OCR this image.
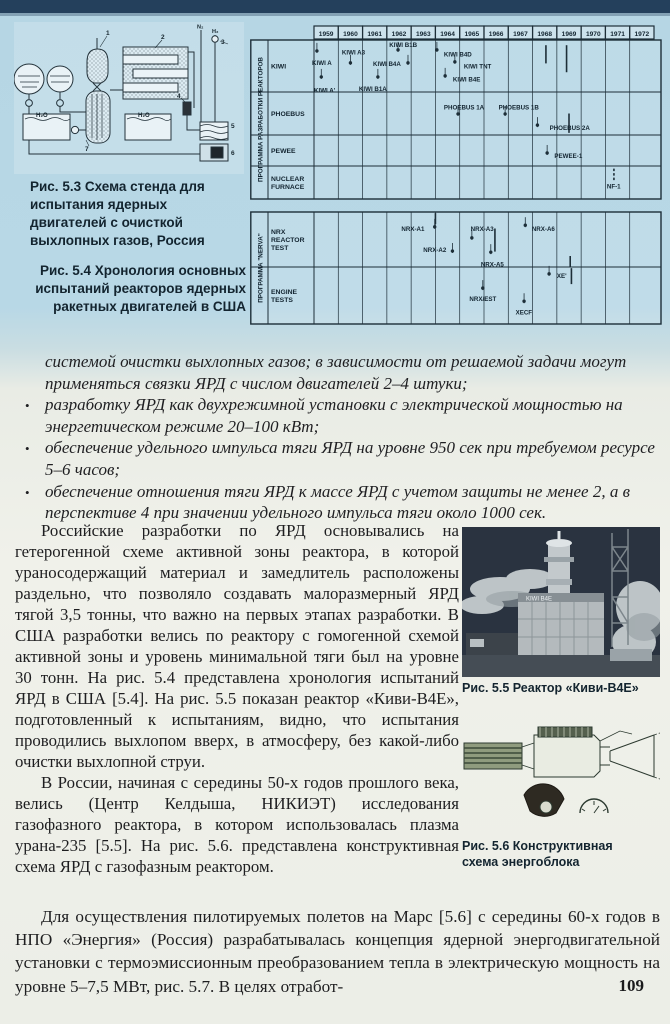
H₂O	H₂O
N₂
H₂
1
2
3
4
5
6
7
Рис. 5.3 Схема стенда для испытания ядерных двигателей с очисткой выхлопных газов, Россия
Рис. 5.4 Хронология основных испытаний реакторов ядерных ракетных двигателей в США
1959 1960 1961 1962 1963 1964 1965 1966 1967 1968 1969 1970 1971 1972
ПРОГРАММА РАЗРАБОТКИ РЕАКТОРОВ KIWI
KIWI A
KIWI A'
KIWI A3
KIWI B1A
KIWI B4A
KIWI B1B
KIWI B4D
KIWI TNT
KIWI B4E
PHOEBUS
PHOEBUS 1A PHOEBUS 1B
PHOEBUS 2A
PEWEE
PEWEE-1
NUCLEAR FURNACE	NF-1
ПРОГРАММА "NERVA"
NRX REACTOR TEST
NRX-A1
NRX-A2
NRX-A3
NRX-A5
NRX-A6
ENGINE TESTS
XE'
NRX/EST
XECF

системой очистки выхлопных газов; в зависимости от решаемой задачи могут применяться связки ЯРД с числом двигателей 2–4 штуки;

• разработку ЯРД как двухрежимной установки с электрической мощностью на энергетическом режиме 20–100 кВт;
• обеспечение удельного импульса тяги ЯРД на уровне 950 сек при требуемом ресурсе 5–6 часов;
• обеспечение отношения тяги ЯРД к массе ЯРД с учетом защиты не менее 2, а в перспективе 4 при значении удельного импульса тяги около 1000 сек.

Российские разработки по ЯРД основывались на гетерогенной схеме активной зоны реактора, в которой ураносодержащий материал и замедлитель расположены раздельно, что позволяло создавать малоразмерный ЯРД тягой 3,5 тонны, что важно на первых этапах разработки. В США разработки велись по реактору с гомогенной схемой активной зоны и уровень минимальной тяги был на уровне 30 тонн. На рис. 5.4 представлена хронология испытаний ЯРД в США [5.4]. На рис. 5.5 показан реактор «Киви-B4E», подготовленный к испытаниям, видно, что испытания проводились выхлопом вверх, в атмосферу, без какой-либо очистки выхлопной струи.

В России, начиная с середины 50-х годов прошлого века, велись (Центр Келдыша, НИКИЭТ) исследования газофазного реактора, в котором использовалась плазма урана-235 [5.5]. На рис. 5.6. представлена конструктивная схема ЯРД с газофазным реактором.

KIWI B4E
Рис. 5.5 Реактор «Киви-B4E»
Рис. 5.6 Конструктивная схема энергоблока

Для осуществления пилотируемых полетов на Марс [5.6] с середины 60-х годов в НПО «Энергия» (Россия) разрабатывалась концепция ядерной энергодвигательной установки с термоэмиссионным преобразованием тепла в электрическую мощность на уровне 5–7,5 МВт, рис. 5.7. В целях отработ-	109
